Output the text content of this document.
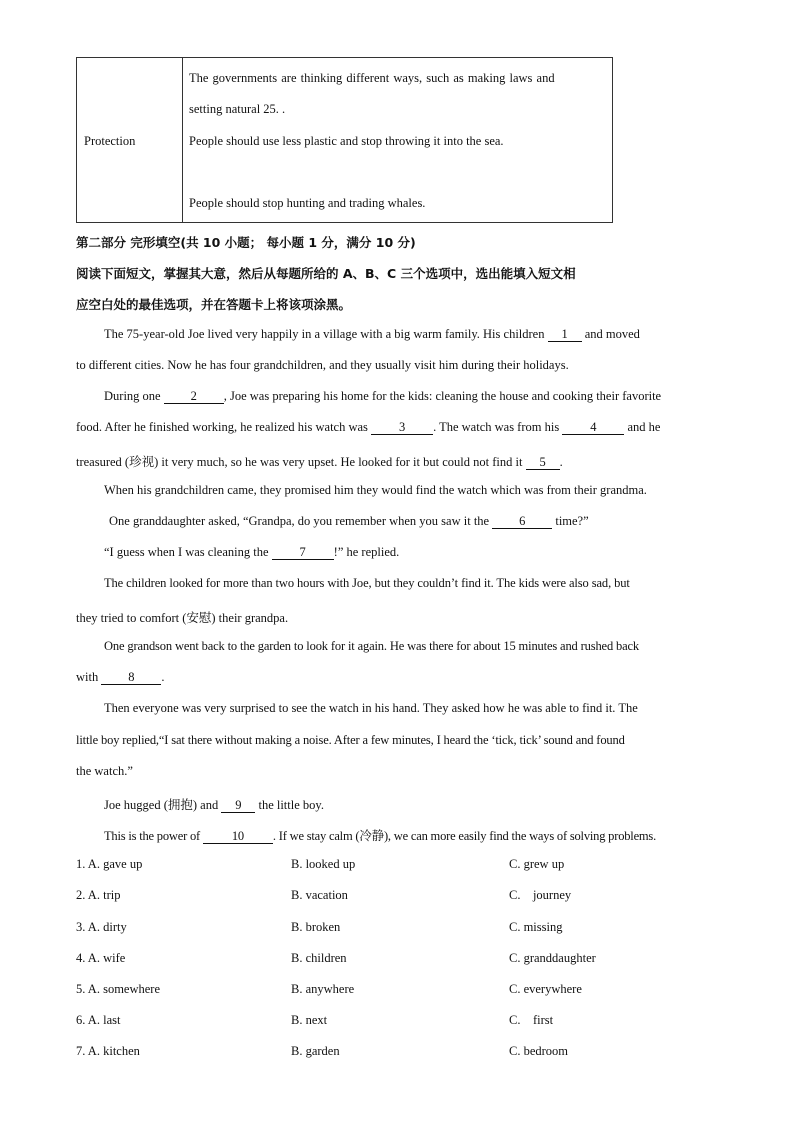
Protection
The governments are thinking different ways, such as making laws and
setting natural 25. .
People should use less plastic and stop throwing it into the sea.
People should stop hunting and trading whales.
第二部分 完形填空(共 10 小题； 每小题 1 分，满分 10 分)
阅读下面短文，掌握其大意，然后从每题所给的 A、B、C 三个选项中，选出能填入短文相
应空白处的最佳选项，并在答题卡上将该项涂黑。
The 75-year-old Joe lived very happily in a village with a big warm family. His children 1 and moved
to different cities. Now he has four grandchildren, and they usually visit him during their holidays.
During one 2 , Joe was preparing his home for the kids: cleaning the house and cooking their favorite
food. After he finished working, he realized his watch was 3 . The watch was from his 4 and he
treasured (珍视) it very much, so he was very upset. He looked for it but could not find it 5 .
When his grandchildren came, they promised him they would find the watch which was from their grandma.
One granddaughter asked, “Grandpa, do you remember when you saw it the 6 time?”
“I guess when I was cleaning the 7 !” he replied.
The children looked for more than two hours with Joe, but they couldn’t find it. The kids were also sad, but
they tried to comfort (安慰) their grandpa.
One grandson went back to the garden to look for it again. He was there for about 15 minutes and rushed back
with 8 .
Then everyone was very surprised to see the watch in his hand. They asked how he was able to find it. The
little boy replied,“I sat there without making a noise. After a few minutes, I heard the ‘tick, tick’ sound and found
the watch.”
Joe hugged (拥抱) and 9 the little boy.
This is the power of	10 . If we stay calm (冷静), we can more easily find the ways of solving problems.
1. A. gave up	B. looked up	C. grew up
2. A. trip	B. vacation	C.    journey
3. A. dirty	B. broken	C. missing
4. A. wife	B. children	C. granddaughter
5. A. somewhere	B. anywhere	C. everywhere
6. A. last	B. next	C.    first
7. A. kitchen	B. garden	C. bedroom
